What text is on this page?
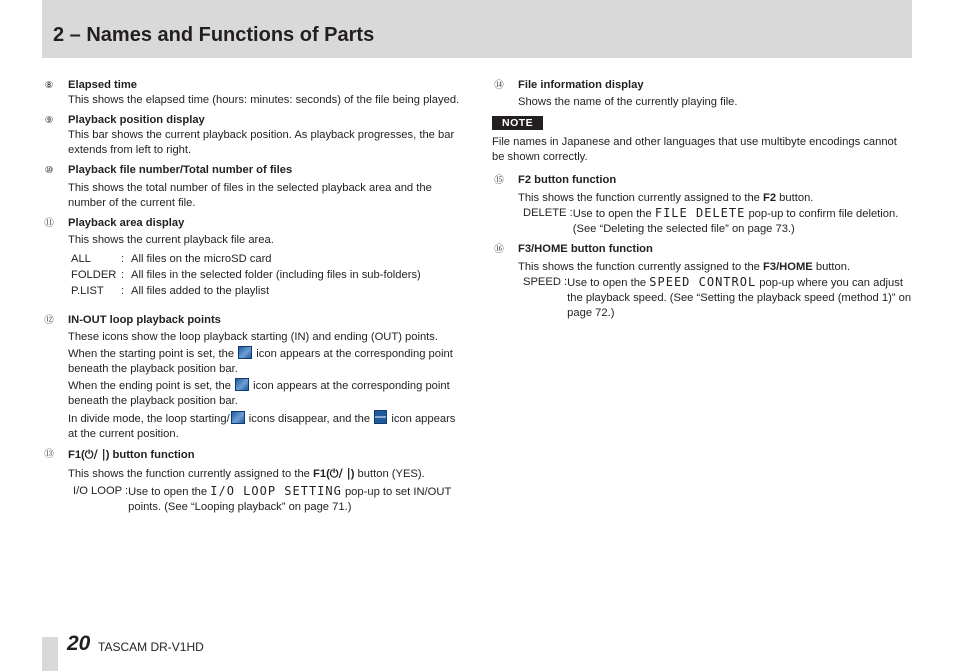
2 – Names and Functions of Parts
⑧ Elapsed time

This shows the elapsed time (hours: minutes: seconds) of the file being played.

⑨ Playback position display

This bar shows the current playback position. As playback progresses, the bar extends from left to right.

⑩ Playback file number/Total number of files

This shows the total number of files in the selected playback area and the number of the current file.

⑪ Playback area display

This shows the current playback file area.

ALL	: All files on the microSD card
FOLDER : All files in the selected folder (including files in sub-folders)
P.LIST	: All files added to the playlist
⑫ IN-OUT loop playback points

These icons show the loop playback starting (IN) and ending (OUT) points.

When the starting point is set, the  icon appears at the corresponding point beneath the playback position bar.

When the ending point is set, the  icon appears at the corresponding point beneath the playback position bar.

In divide mode, the loop starting/ icons disappear, and the  icon appears at the current position.

⑬ F1(⏻/ |) button function

This shows the function currently assigned to the F1(⏻/ |) button (YES).

I/O LOOP : Use to open the I/O LOOP SETTING pop-up to set IN/OUT points. (See “Looping playback” on page 71.)
⑭ File information display

Shows the name of the currently playing file.

NOTE

File names in Japanese and other languages that use multibyte encodings cannot be shown correctly.

⑮ F2 button function

This shows the function currently assigned to the F2 button.

DELETE : Use to open the FILE DELETE pop-up to confirm file deletion. (See “Deleting the selected file” on page 73.)
⑯ F3/HOME button function

This shows the function currently assigned to the F3/HOME button.

SPEED : Use to open the SPEED CONTROL pop-up where you can adjust the playback speed. (See “Setting the playback speed (method 1)” on page 72.)
20 TASCAM DR-V1HD
